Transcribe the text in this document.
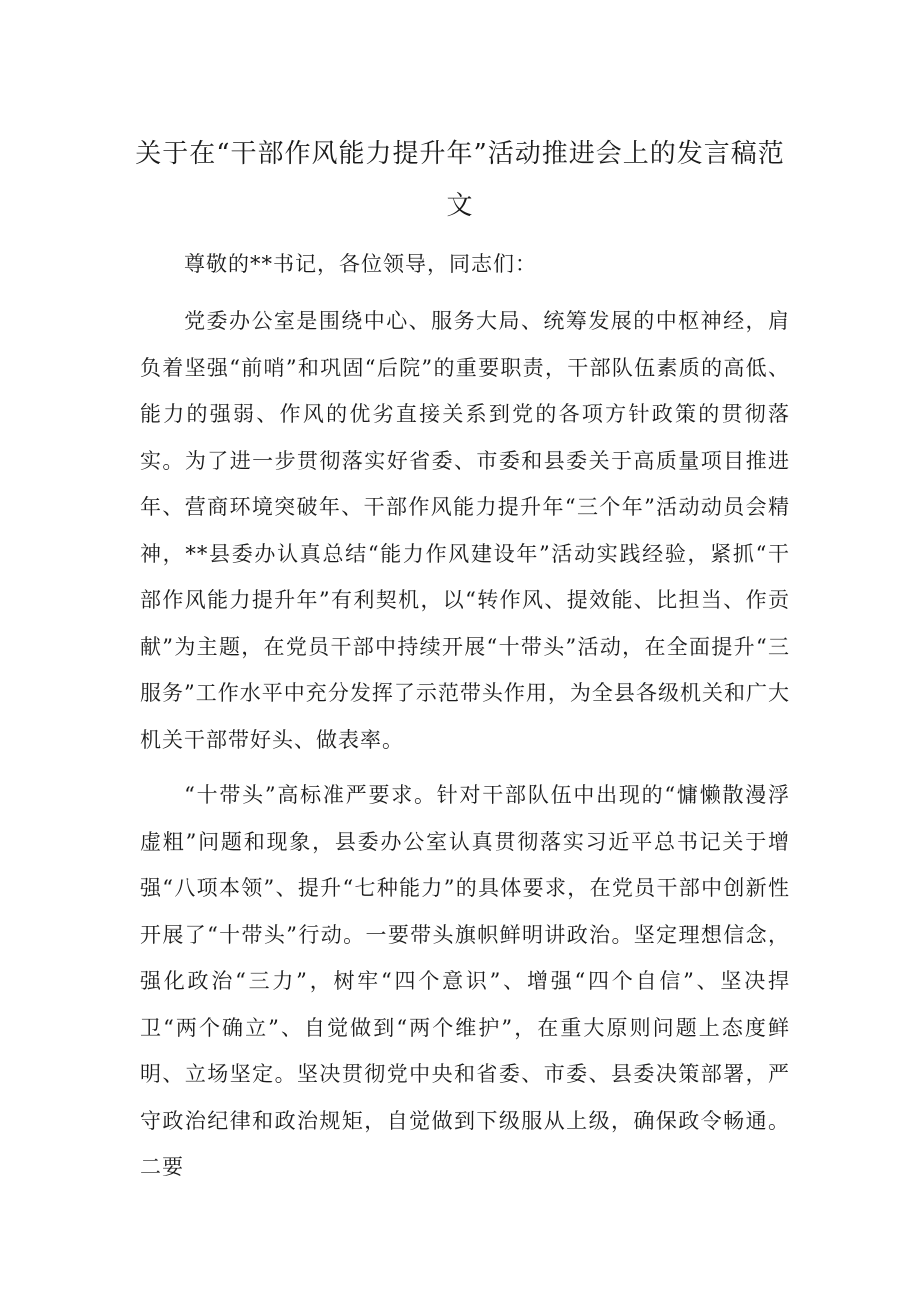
关于在“干部作风能力提升年”活动推进会上的发言稿范
文

尊敬的**书记，各位领导，同志们：

党委办公室是围绕中心、服务大局、统筹发展的中枢神经，肩负着坚强“前哨”和巩固“后院”的重要职责，干部队伍素质的高低、能力的强弱、作风的优劣直接关系到党的各项方针政策的贯彻落实。为了进一步贯彻落实好省委、市委和县委关于高质量项目推进年、营商环境突破年、干部作风能力提升年“三个年”活动动员会精神，**县委办认真总结“能力作风建设年”活动实践经验，紧抓“干部作风能力提升年”有利契机，以“转作风、提效能、比担当、作贡献”为主题，在党员干部中持续开展“十带头”活动，在全面提升“三服务”工作水平中充分发挥了示范带头作用，为全县各级机关和广大机关干部带好头、做表率。

“十带头”高标准严要求。针对干部队伍中出现的“慵懒散漫浮虚粗”问题和现象，县委办公室认真贯彻落实习近平总书记关于增强“八项本领”、提升“七种能力”的具体要求，在党员干部中创新性开展了“十带头”行动。一要带头旗帜鲜明讲政治。坚定理想信念，强化政治“三力”，树牢“四个意识”、增强“四个自信”、坚决捍卫“两个确立”、自觉做到“两个维护”，在重大原则问题上态度鲜明、立场坚定。坚决贯彻党中央和省委、市委、县委决策部署，严守政治纪律和政治规矩，自觉做到下级服从上级，确保政令畅通。二要
